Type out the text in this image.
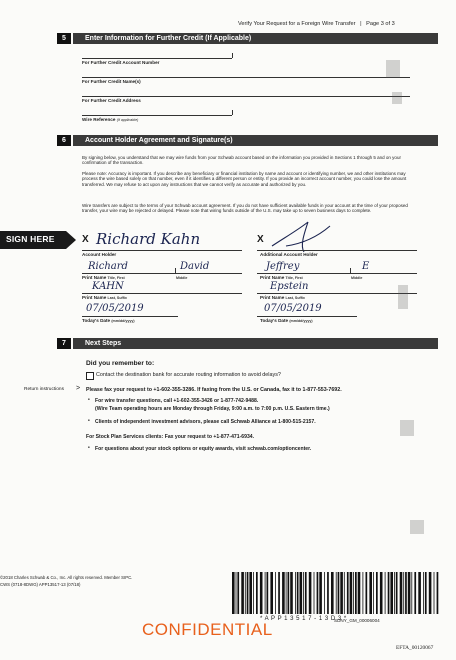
Verify Your Request for a Foreign Wire Transfer | Page 3 of 3
5	Enter Information for Further Credit (If Applicable)
For Further Credit Account Number
For Further Credit Name(s)
For Further Credit Address
Wire Reference (If applicable)
6	Account Holder Agreement and Signature(s)
By signing below, you understand that we may wire funds from your Schwab account based on the information you provided in Sections 1 through 5 and on your confirmation of the transaction.
Please note: Accuracy is important. If you describe any beneficiary or financial institution by name and account or identifying number, we and other institutions may process the wire based solely on that number, even if it identifies a different person or entity. If you provide an incorrect account number, you could lose the amount transferred. We may refuse to act upon any instructions that we cannot verify as accurate and authorized by you.
Wire transfers are subject to the terms of your Schwab account agreement. If you do not have sufficient available funds in your account at the time of your proposed transfer, your wire may be rejected or delayed. Please note that wiring funds outside of the U.S. may take up to seven business days to complete.
SIGN HERE	X Richard Kahn
Account Holder
X
Additional Account Holder
Richard	David
Print Name Title, First	Middle
Jeffrey	E
Print Name Title, First	Middle
KAHN
Print Name Last, Suffix
Epstein
Print Name Last, Suffix
07/05/2019
Today's Date (mm/dd/yyyy)
07/05/2019
Today's Date (mm/dd/yyyy)
7	Next Steps
Did you remember to:
Contact the destination bank for accurate routing information to avoid delays?
Return instructions > Please fax your request to +1-602-355-3286. If faxing from the U.S. or Canada, fax it to 1-877-553-7692.
• For wire transfer questions, call +1-602-355-3426 or 1-877-742-9488.
(Wire Team operating hours are Monday through Friday, 9:00 a.m. to 7:00 p.m. U.S. Eastern time.)
• Clients of independent investment advisors, please call Schwab Alliance at 1-800-515-2157.
For Stock Plan Services clients: Fax your request to +1-877-471-6934.
• For questions about your stock options or equity awards, visit schwab.com/optioncenter.
©2018 Charles Schwab & Co., Inc. All rights reserved. Member SIPC.
CWS (0718-8DWG) APP13517-13 (07/18)
* A P P 1 3 5 1 7 - 1 3 D 3 *
SDNY_GM_00006004
CONFIDENTIAL
EFTA_00120067
